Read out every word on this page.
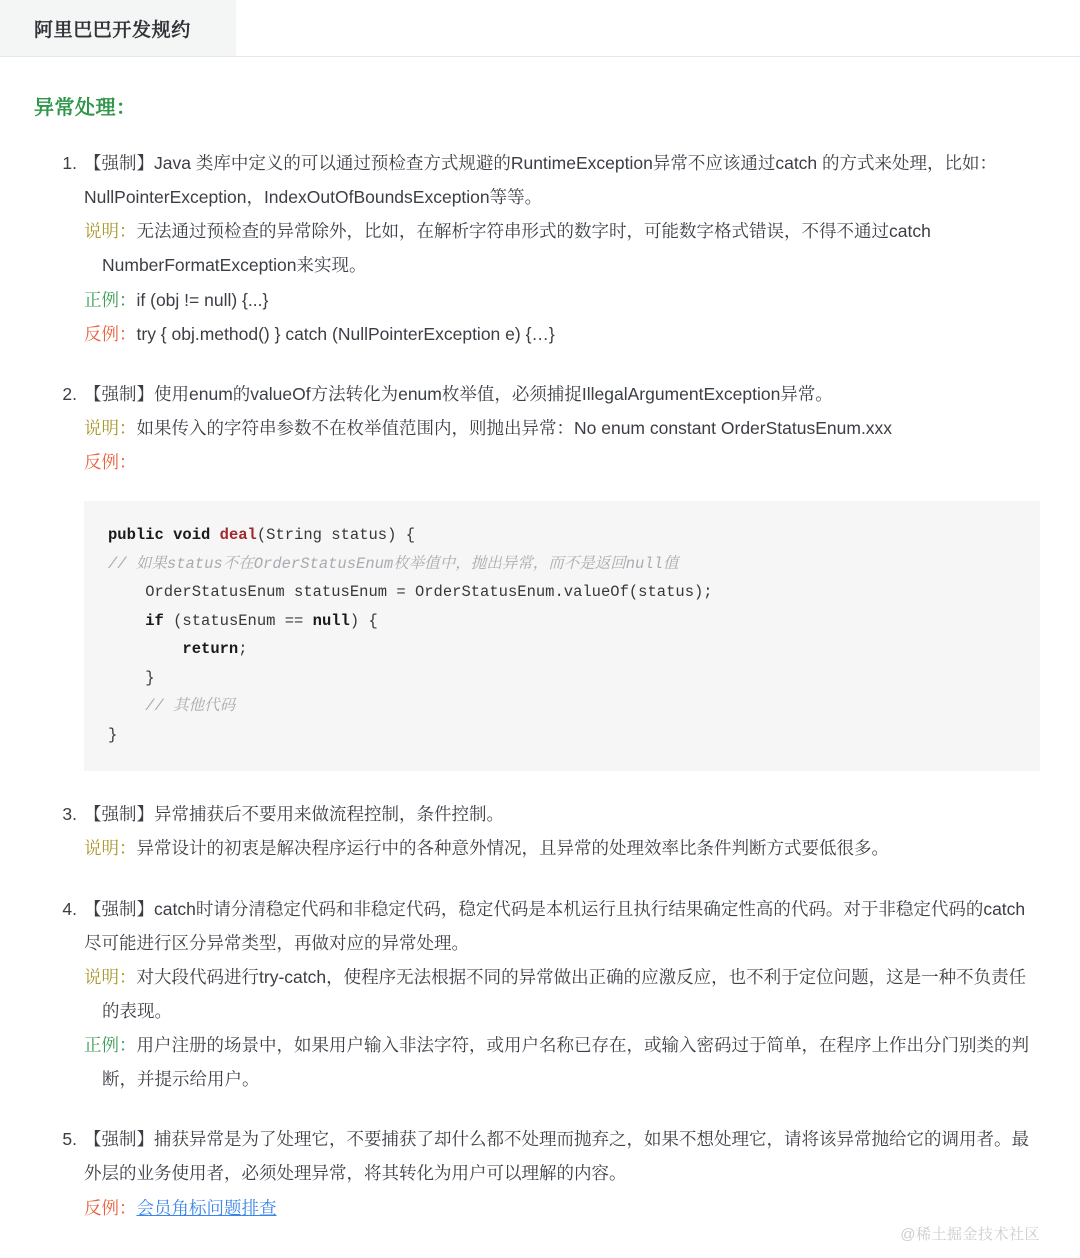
阿里巴巴开发规约
异常处理：
【强制】Java 类库中定义的可以通过预检查方式规避的RuntimeException异常不应该通过catch 的方式来处理，比如：NullPointerException，IndexOutOfBoundsException等等。
说明：无法通过预检查的异常除外，比如，在解析字符串形式的数字时，可能数字格式错误，不得不通过catch NumberFormatException来实现。
正例：if (obj != null) {...}
反例：try { obj.method() } catch (NullPointerException e) {…}
【强制】使用enum的valueOf方法转化为enum枚举值，必须捕捉IllegalArgumentException异常。
说明：如果传入的字符串参数不在枚举值范围内，则抛出异常：No enum constant OrderStatusEnum.xxx
反例：
public void deal(String status) {
// 如果status不在OrderStatusEnum枚举值中，抛出异常，而不是返回null值
OrderStatusEnum statusEnum = OrderStatusEnum.valueOf(status);
if (statusEnum == null) {
return;
}
// 其他代码
}
【强制】异常捕获后不要用来做流程控制，条件控制。
说明：异常设计的初衷是解决程序运行中的各种意外情况，且异常的处理效率比条件判断方式要低很多。
【强制】catch时请分清稳定代码和非稳定代码，稳定代码是本机运行且执行结果确定性高的代码。对于非稳定代码的catch尽可能进行区分异常类型，再做对应的异常处理。
说明：对大段代码进行try-catch，使程序无法根据不同的异常做出正确的应激反应，也不利于定位问题，这是一种不负责任的表现。
正例：用户注册的场景中，如果用户输入非法字符，或用户名称已存在，或输入密码过于简单，在程序上作出分门别类的判断，并提示给用户。
【强制】捕获异常是为了处理它，不要捕获了却什么都不处理而抛弃之，如果不想处理它，请将该异常抛给它的调用者。最外层的业务使用者，必须处理异常，将其转化为用户可以理解的内容。
反例：会员角标问题排查
@稀土掘金技术社区
